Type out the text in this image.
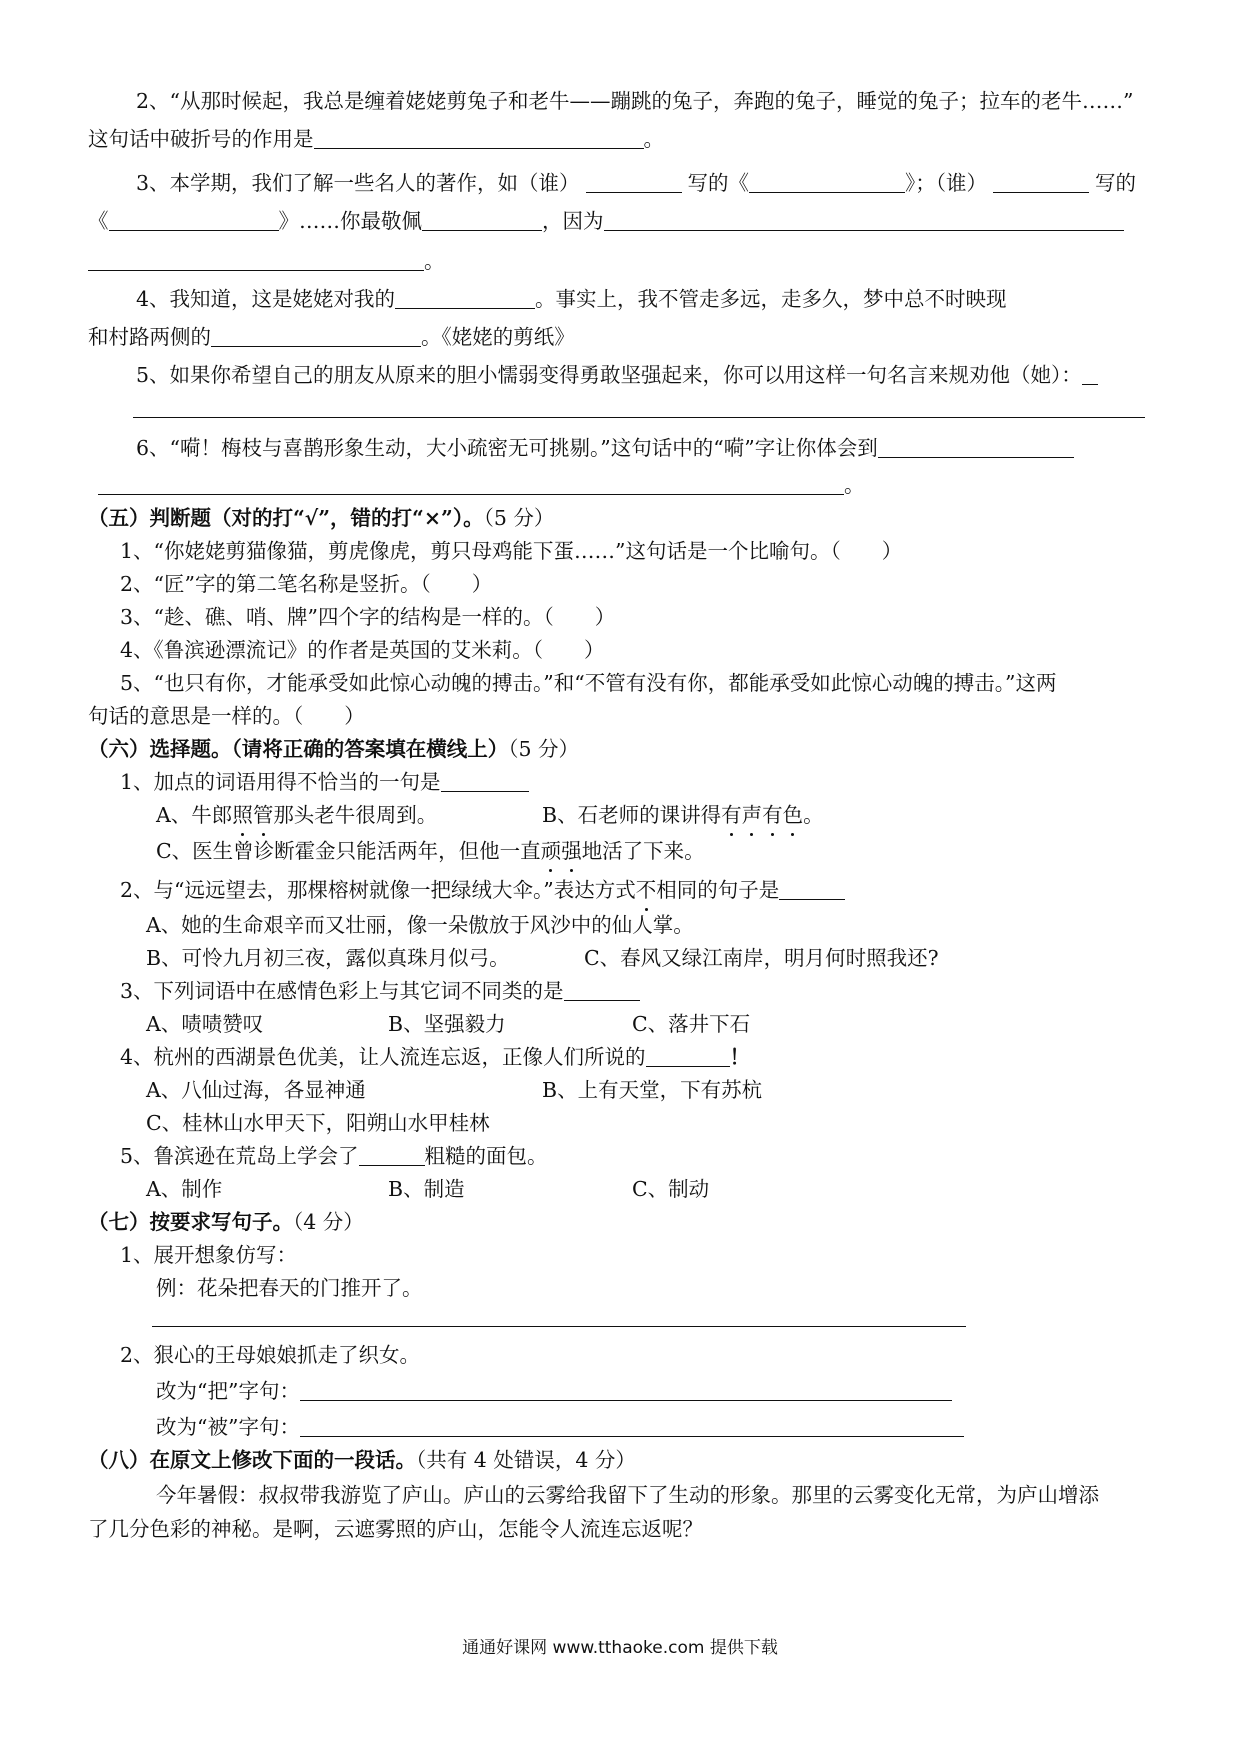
2、“从那时候起，我总是缠着姥姥剪兔子和老牛——蹦跳的兔子，奔跑的兔子，睡觉的兔子；拉车的老牛……”
这句话中破折号的作用是	。
3、本学期，我们了解一些名人的著作，如（谁）	写的《	》；（谁）	写的
《	》……你最敬佩	，因为
。
4、我知道，这是姥姥对我的	。事实上，我不管走多远，走多久，梦中总不时映现
和村路两侧的	。《姥姥的剪纸》
5、如果你希望自己的朋友从原来的胆小懦弱变得勇敢坚强起来，你可以用这样一句名言来规劝他（她）：
6、“嗬！梅枝与喜鹊形象生动，大小疏密无可挑剔。”这句话中的“嗬”字让你体会到
。
（五）判断题（对的打“√”，错的打“×”）。（5 分）
1、“你姥姥剪猫像猫，剪虎像虎，剪只母鸡能下蛋……”这句话是一个比喻句。（　　）
2、“匠”字的第二笔名称是竖折。（　　）
3、“趁、礁、哨、牌”四个字的结构是一样的。（　　）
4、《鲁滨逊漂流记》的作者是英国的艾米莉。（　　）
5、“也只有你，才能承受如此惊心动魄的搏击。”和“不管有没有你，都能承受如此惊心动魄的搏击。”这两
句话的意思是一样的。（　　）
（六）选择题。（请将正确的答案填在横线上）（5 分）
1、加点的词语用得不恰当的一句是
A、牛郎照管那头老牛很周到。	B、石老师的课讲得有声有色。
C、医生曾诊断霍金只能活两年，但他一直顽强地活了下来。
2、与“远远望去，那棵榕树就像一把绿绒大伞。”表达方式不相同的句子是
A、她的生命艰辛而又壮丽，像一朵傲放于风沙中的仙人掌。
B、可怜九月初三夜，露似真珠月似弓。	C、春风又绿江南岸，明月何时照我还?
3、下列词语中在感情色彩上与其它词不同类的是
A、啧啧赞叹	B、坚强毅力	C、落井下石
4、杭州的西湖景色优美，让人流连忘返，正像人们所说的	！
A、八仙过海，各显神通	B、上有天堂，下有苏杭
C、桂林山水甲天下，阳朔山水甲桂林
5、鲁滨逊在荒岛上学会了	粗糙的面包。
A、制作	B、制造	C、制动
（七）按要求写句子。（4 分）
1、展开想象仿写：
例：花朵把春天的门推开了。
2、狠心的王母娘娘抓走了织女。
改为“把”字句：
改为“被”字句：
（八）在原文上修改下面的一段话。（共有 4 处错误，4 分）
今年暑假：叔叔带我游览了庐山。庐山的云雾给我留下了生动的形象。那里的云雾变化无常，为庐山增添
了几分色彩的神秘。是啊，云遮雾照的庐山，怎能令人流连忘返呢？
通通好课网 www.tthaoke.com 提供下载
